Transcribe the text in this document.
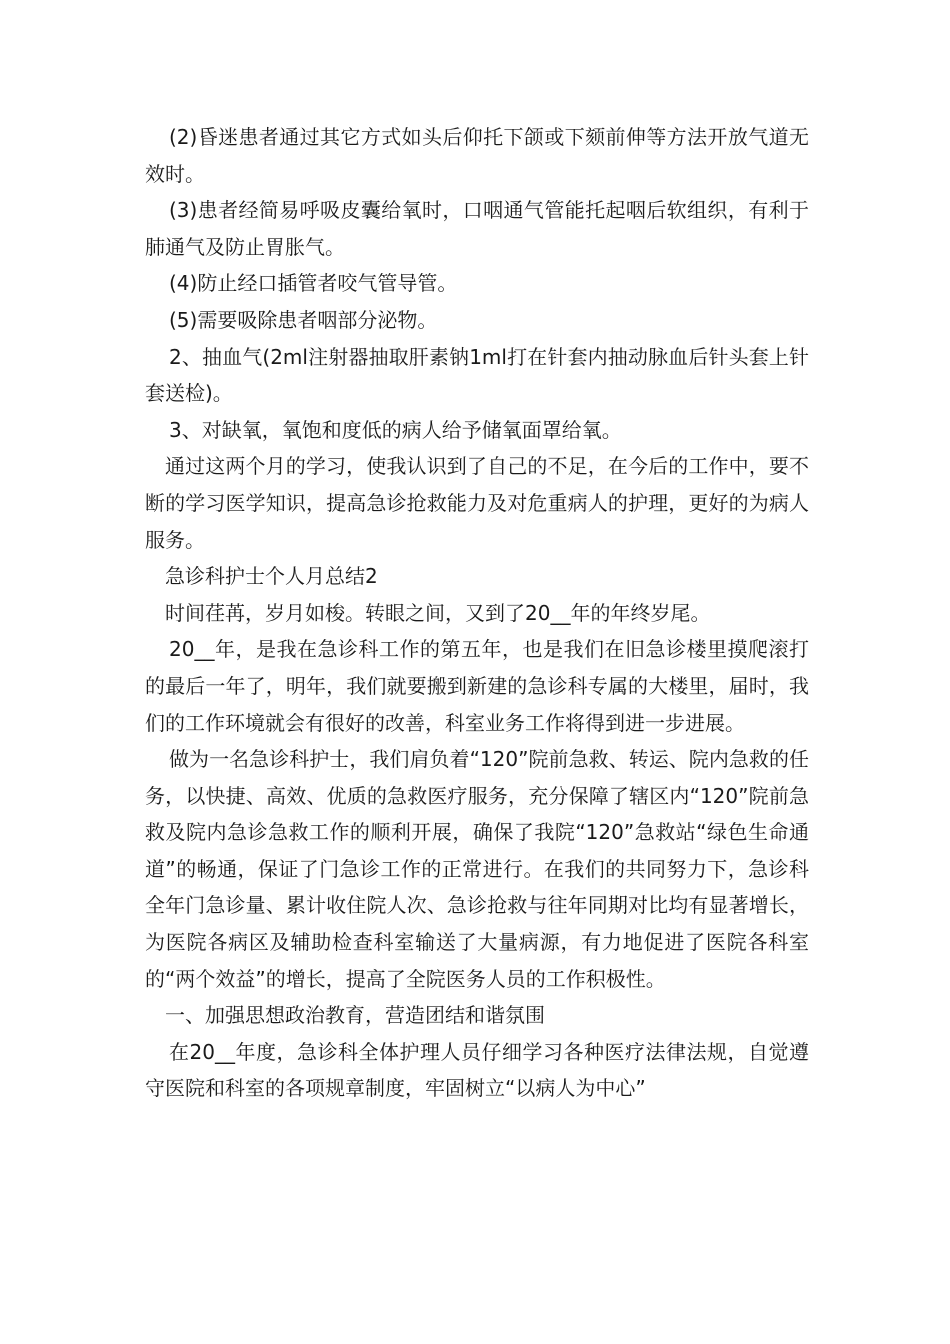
(2)昏迷患者通过其它方式如头后仰托下颌或下颏前伸等方法开放气道无效时。

(3)患者经简易呼吸皮囊给氧时，口咽通气管能托起咽后软组织，有利于肺通气及防止胃胀气。

(4)防止经口插管者咬气管导管。

(5)需要吸除患者咽部分泌物。

2、抽血气(2ml注射器抽取肝素钠1ml打在针套内抽动脉血后针头套上针套送检)。

3、对缺氧，氧饱和度低的病人给予储氧面罩给氧。

通过这两个月的学习，使我认识到了自己的不足，在今后的工作中，要不断的学习医学知识，提高急诊抢救能力及对危重病人的护理，更好的为病人服务。

急诊科护士个人月总结2

时间荏苒，岁月如梭。转眼之间，又到了20__年的年终岁尾。

20__年，是我在急诊科工作的第五年，也是我们在旧急诊楼里摸爬滚打的最后一年了，明年，我们就要搬到新建的急诊科专属的大楼里，届时，我们的工作环境就会有很好的改善，科室业务工作将得到进一步进展。

做为一名急诊科护士，我们肩负着“120”院前急救、转运、院内急救的任务，以快捷、高效、优质的急救医疗服务，充分保障了辖区内“120”院前急救及院内急诊急救工作的顺利开展，确保了我院“120”急救站“绿色生命通道”的畅通，保证了门急诊工作的正常进行。在我们的共同努力下，急诊科全年门急诊量、累计收住院人次、急诊抢救与往年同期对比均有显著增长，为医院各病区及辅助检查科室输送了大量病源，有力地促进了医院各科室的“两个效益”的增长，提高了全院医务人员的工作积极性。

一、加强思想政治教育，营造团结和谐氛围

在20__年度，急诊科全体护理人员仔细学习各种医疗法律法规，自觉遵守医院和科室的各项规章制度，牢固树立“以病人为中心”
